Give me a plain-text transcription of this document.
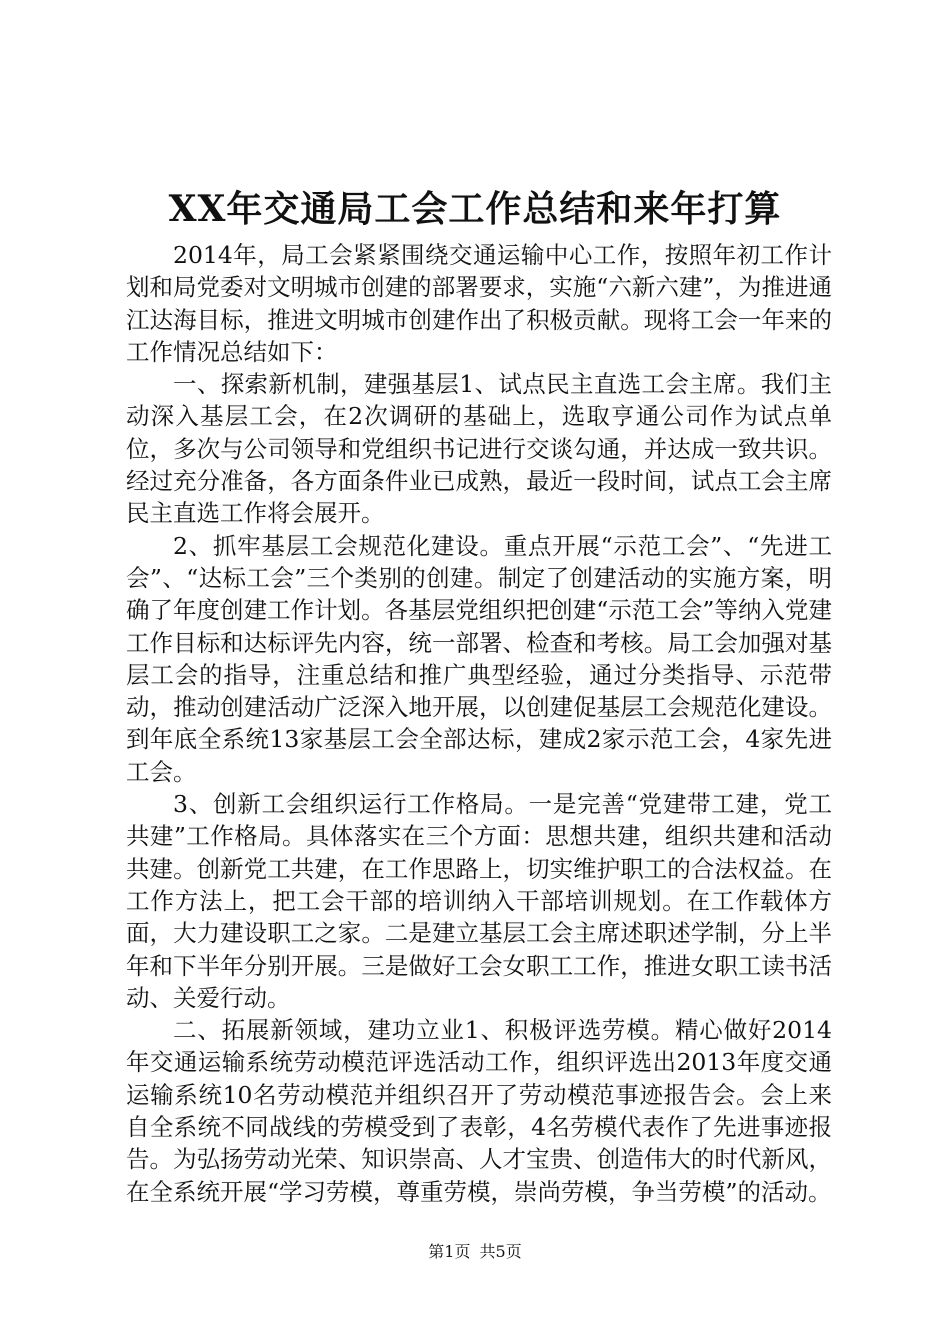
XX年交通局工会工作总结和来年打算

2014年，局工会紧紧围绕交通运输中心工作，按照年初工作计划和局党委对文明城市创建的部署要求，实施“六新六建”，为推进通江达海目标，推进文明城市创建作出了积极贡献。现将工会一年来的工作情况总结如下：

一、探索新机制，建强基层1、试点民主直选工会主席。我们主动深入基层工会，在2次调研的基础上，选取亨通公司作为试点单位，多次与公司领导和党组织书记进行交谈勾通，并达成一致共识。经过充分准备，各方面条件业已成熟，最近一段时间，试点工会主席民主直选工作将会展开。

2、抓牢基层工会规范化建设。重点开展“示范工会”、“先进工会”、“达标工会”三个类别的创建。制定了创建活动的实施方案，明确了年度创建工作计划。各基层党组织把创建“示范工会”等纳入党建工作目标和达标评先内容，统一部署、检查和考核。局工会加强对基层工会的指导，注重总结和推广典型经验，通过分类指导、示范带动，推动创建活动广泛深入地开展，以创建促基层工会规范化建设。到年底全系统13家基层工会全部达标，建成2家示范工会，4家先进工会。

3、创新工会组织运行工作格局。一是完善“党建带工建，党工共建”工作格局。具体落实在三个方面：思想共建，组织共建和活动共建。创新党工共建，在工作思路上，切实维护职工的合法权益。在工作方法上，把工会干部的培训纳入干部培训规划。在工作载体方面，大力建设职工之家。二是建立基层工会主席述职述学制，分上半年和下半年分别开展。三是做好工会女职工工作，推进女职工读书活动、关爱行动。

二、拓展新领域，建功立业1、积极评选劳模。精心做好2014年交通运输系统劳动模范评选活动工作，组织评选出2013年度交通运输系统10名劳动模范并组织召开了劳动模范事迹报告会。会上来自全系统不同战线的劳模受到了表彰，4名劳模代表作了先进事迹报告。为弘扬劳动光荣、知识崇高、人才宝贵、创造伟大的时代新风，在全系统开展“学习劳模，尊重劳模，崇尚劳模，争当劳模”的活动。

第1页 共5页
